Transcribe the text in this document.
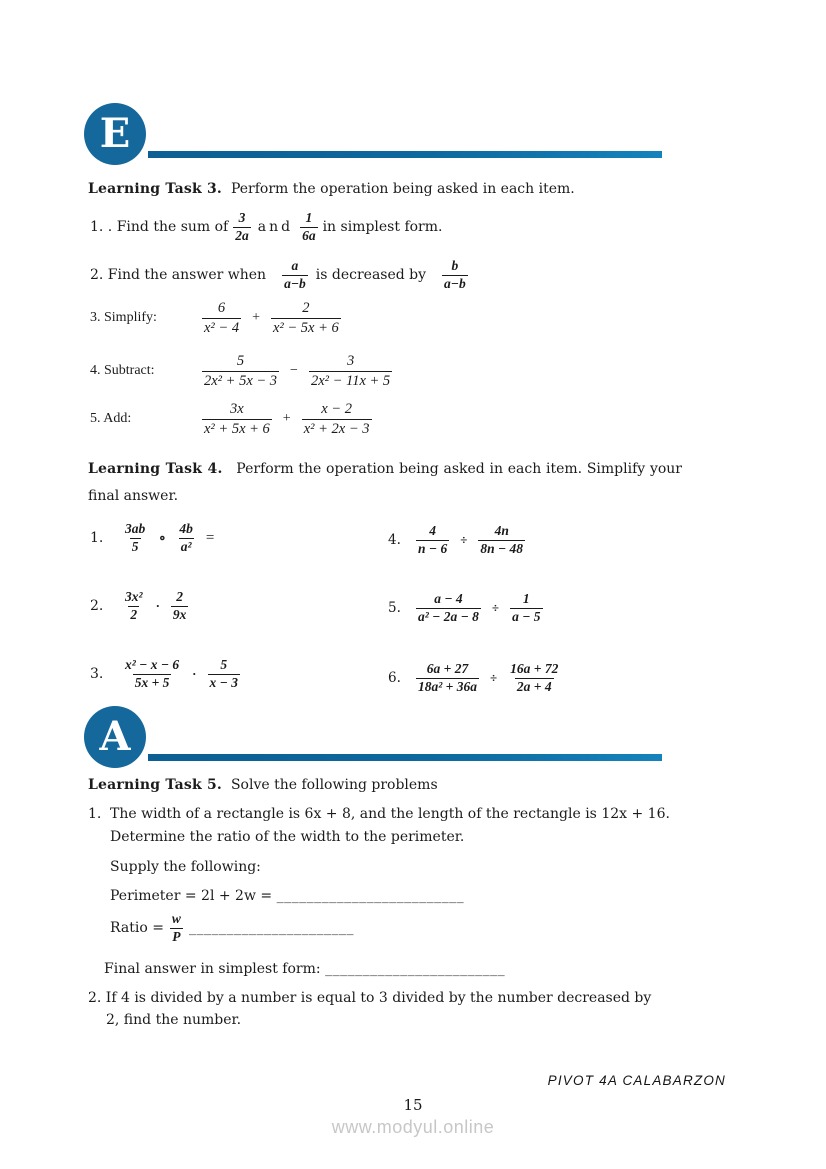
E
Learning Task 3. Perform the operation being asked in each item.
1. . Find the sum of $\frac{3}{2a}$ and $\frac{1}{6a}$ in simplest form.
2. Find the answer when $\frac{a}{a-b}$ is decreased by $\frac{b}{a-b}$
3. Simplify:	$\frac{6}{\text{x² − 4}} + \frac{2}{\text{x² − 5x + 6}}$
4. Subtract:	$\frac{5}{\text{2x² + 5x − 3}} - \frac{3}{\text{2x² − 11x + 5}}$
5. Add:	$\frac{3x}{\text{x² + 5x + 6}} + \frac{x - 2}{\text{x² + 2x − 3}}$
Learning Task 4. Perform the operation being asked in each item. Simplify your final answer.
1.	$\frac{3ab}{5}$ ∘ $\frac{4b}{\text{a²}}$ =
2.	$\frac{\text{3x²}}{2} \cdot \frac{2}{9x}$
3.	$\frac{\text{x² − x − 6}}{5x + 5} \cdot \frac{5}{x - 3}$
4.	$\frac{4}{n - 6} \div \frac{4n}{8n - 48}$
5.	$\frac{a - 4}{\text{a² − 2a − 8}} \div \frac{1}{a - 5}$
6.	$\frac{6a + 27}{\text{18a² + 36a}} \div \frac{16a + 72}{2a + 4}$
A
Learning Task 5. Solve the following problems
1. The width of a rectangle is 6x + 8, and the length of the rectangle is 12x + 16.
Determine the ratio of the width to the perimeter.
Supply the following:
Perimeter = 2l + 2w = _________________________
Ratio = $\frac{w}{P}$ ______________________
Final answer in simplest form: ________________________
2. If 4 is divided by a number is equal to 3 divided by the number decreased by
2, find the number.
PIVOT 4A CALABARZON
15
www.modyul.online
